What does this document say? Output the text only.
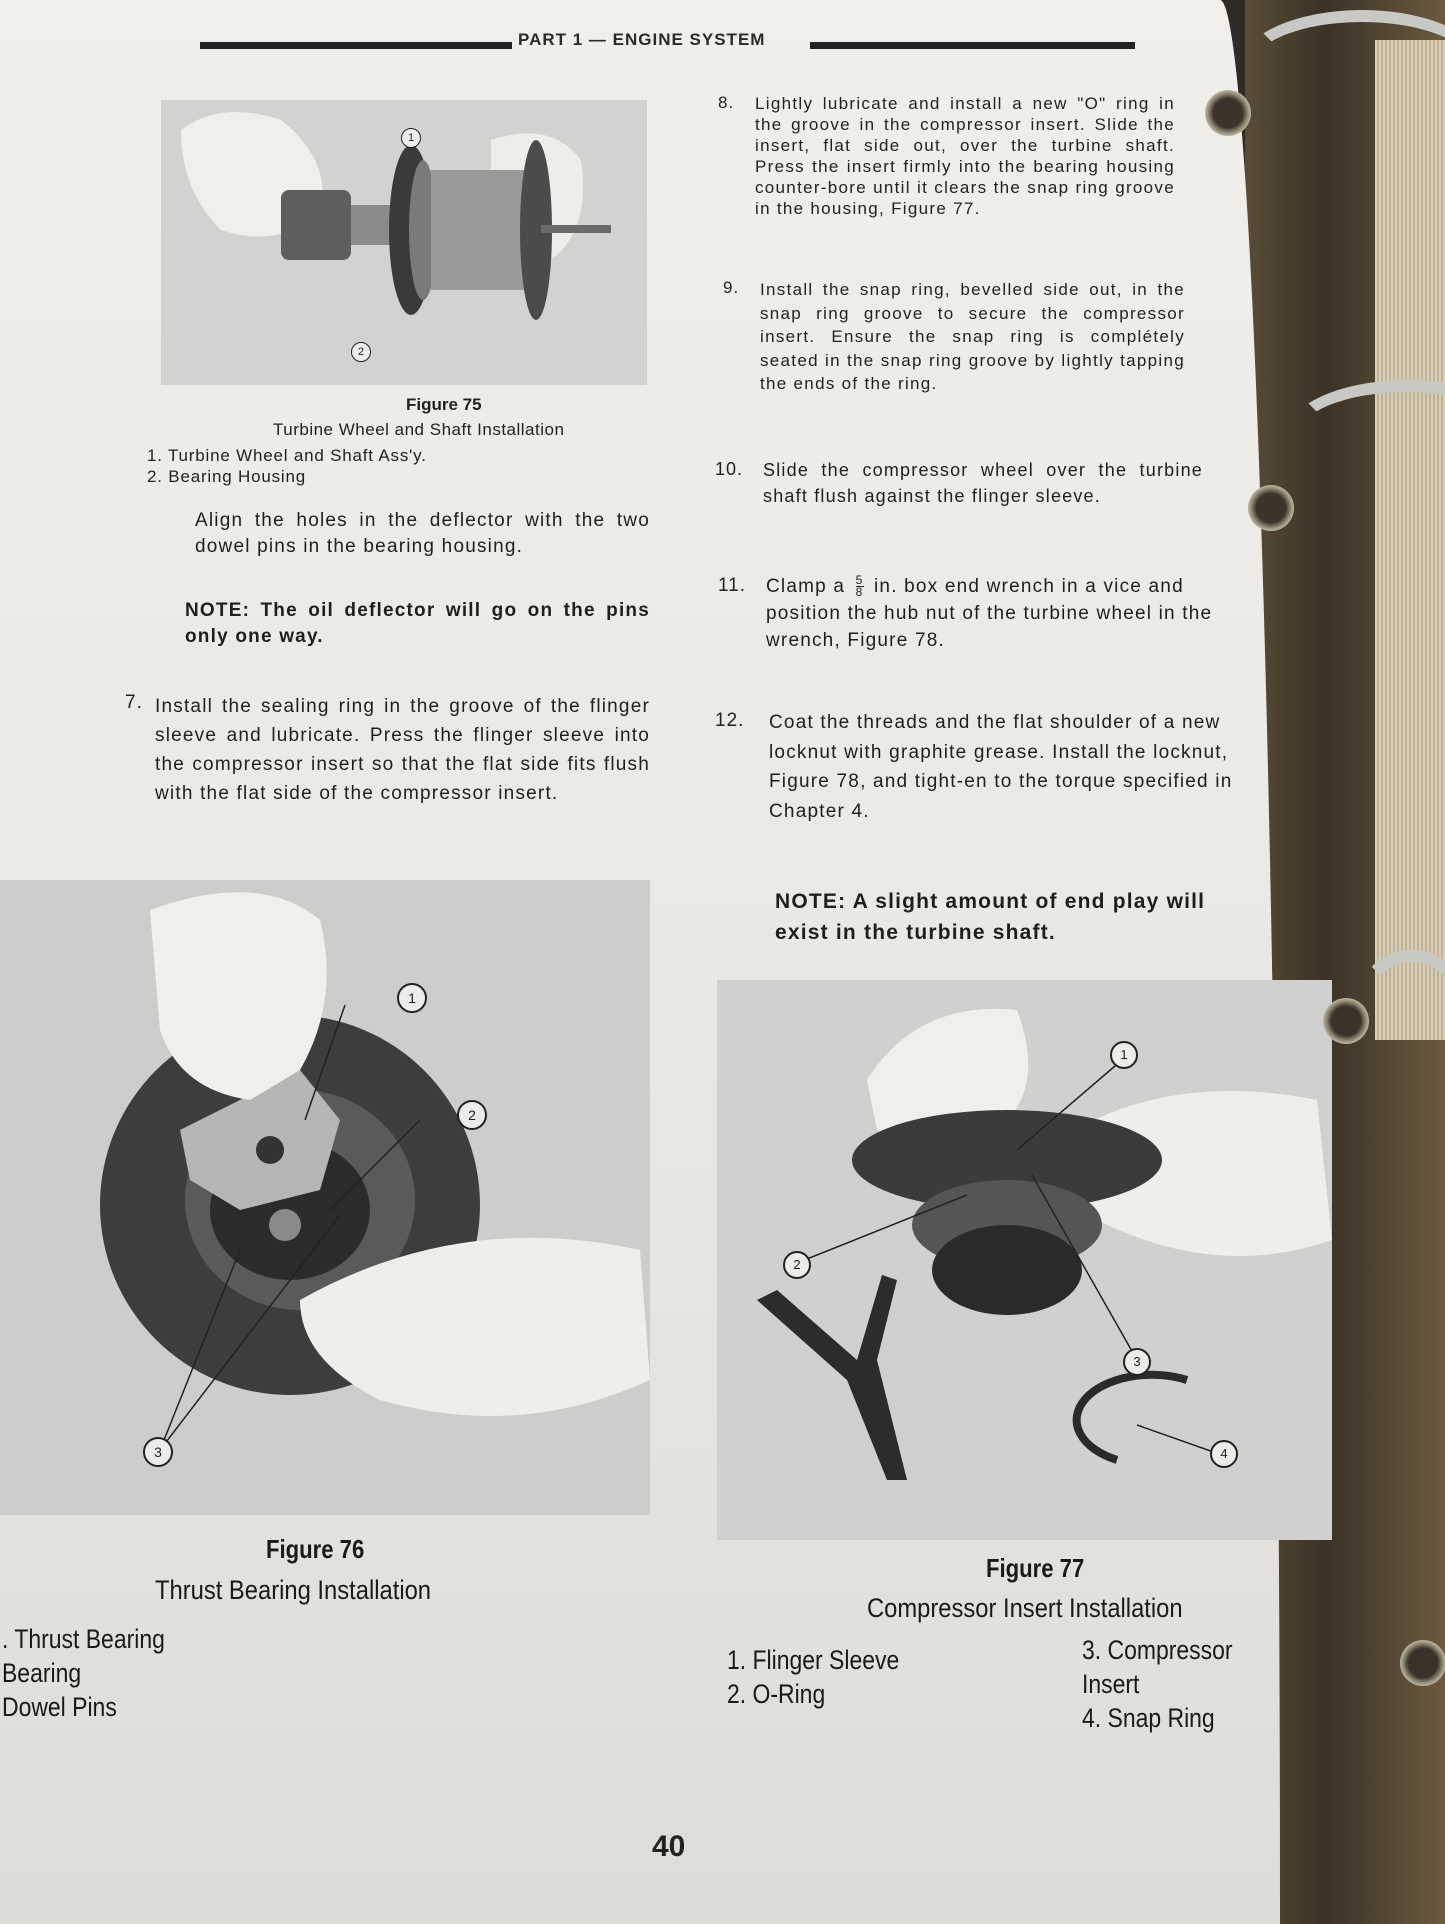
PART 1 — ENGINE SYSTEM
1
2
Figure 75
Turbine Wheel and Shaft Installation
1. Turbine Wheel and Shaft Ass'y.
2. Bearing Housing
Align the holes in the deflector with the two dowel pins in the bearing housing.
NOTE: The oil deflector will go on the pins only one way.
7. Install the sealing ring in the groove of the flinger sleeve and lubricate. Press the flinger sleeve into the compressor insert so that the flat side fits flush with the flat side of the compressor insert.
8. Lightly lubricate and install a new "O" ring in the groove in the compressor insert. Slide the insert, flat side out, over the turbine shaft. Press the insert firmly into the bearing housing counter-bore until it clears the snap ring groove in the housing, Figure 77.
9. Install the snap ring, bevelled side out, in the snap ring groove to secure the compressor insert. Ensure the snap ring is complétely seated in the snap ring groove by lightly tapping the ends of the ring.
10. Slide the compressor wheel over the turbine shaft flush against the flinger sleeve.
11. Clamp a $\frac{5}{8}$ in. box end wrench in a vice and position the hub nut of the turbine wheel in the wrench, Figure 78.
12. Coat the threads and the flat shoulder of a new locknut with graphite grease. Install the locknut, Figure 78, and tight-en to the torque specified in Chapter 4.
NOTE: A slight amount of end play will exist in the turbine shaft.
1
2
3
Figure 76
Thrust Bearing Installation
. Thrust Bearing
Bearing
Dowel Pins
1
2
3
4
Figure 77
Compressor Insert Installation
1. Flinger Sleeve
2. O-Ring
3. Compressor Insert
4. Snap Ring
40
